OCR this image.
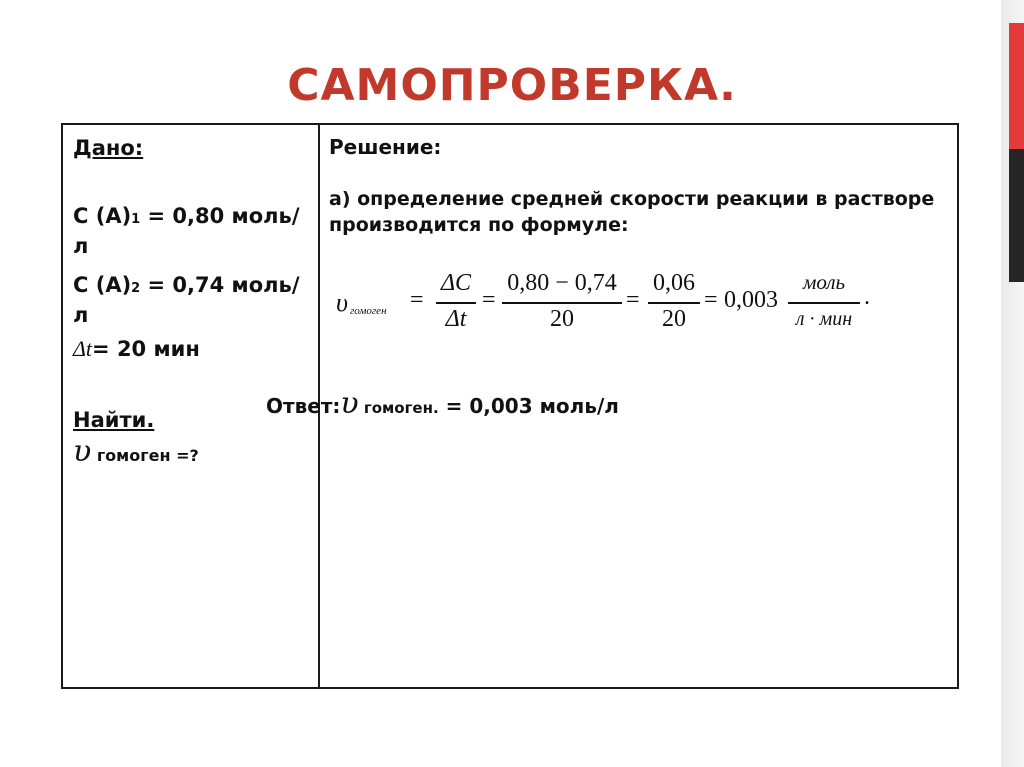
САМОПРОВЕРКА.
Дано:
С (А)1 = 0,80 моль/л
С (А)2 = 0,74 моль/л
Δt= 20 мин
Найти.
υ гомоген =?
Решение:
а) определение средней скорости реакции в растворе производится по формуле:
υ гомоген =
ΔC
Δt
=
0,80 − 0,74
20
=
0,06
20
= 0,003
моль
л · мин
.
Ответ:υ гомоген. = 0,003 моль/л
